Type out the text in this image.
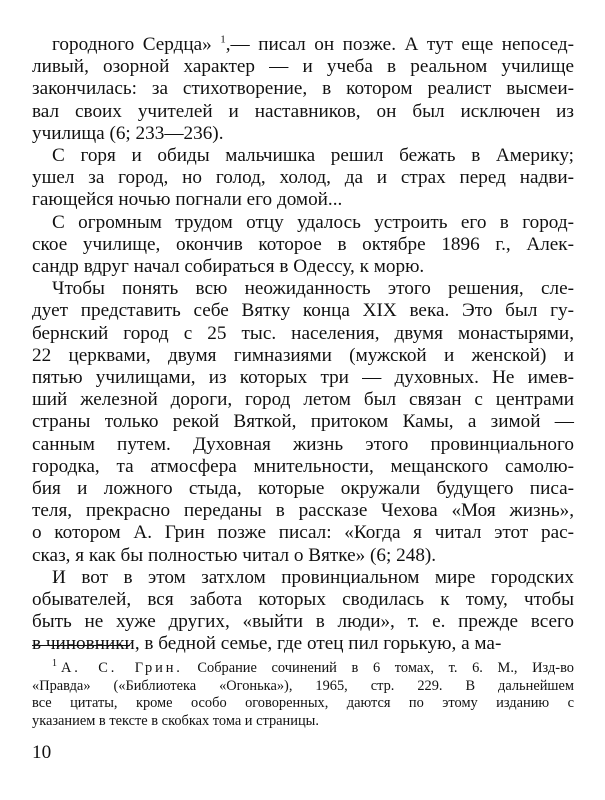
городного Сердца» $^1$,— писал он позже. А тут еще непосед-
ливый, озорной характер — и учеба в реальном училище
закончилась: за стихотворение, в котором реалист высмеи-
вал своих учителей и наставников, он был исключен из
училища (6; 233—236).
С горя и обиды мальчишка решил бежать в Америку;
ушел за город, но голод, холод, да и страх перед надви-
гающейся ночью погнали его домой...
С огромным трудом отцу удалось устроить его в город-
ское училище, окончив которое в октябре 1896 г., Алек-
сандр вдруг начал собираться в Одессу, к морю.
Чтобы понять всю неожиданность этого решения, сле-
дует представить себе Вятку конца XIX века. Это был гу-
бернский город с 25 тыс. населения, двумя монастырями,
22 церквами, двумя гимназиями (мужской и женской) и
пятью училищами, из которых три — духовных. Не имев-
ший железной дороги, город летом был связан с центрами
страны только рекой Вяткой, притоком Камы, а зимой —
санным путем. Духовная жизнь этого провинциального
городка, та атмосфера мнительности, мещанского самолю-
бия и ложного стыда, которые окружали будущего писа-
теля, прекрасно переданы в рассказе Чехова «Моя жизнь»,
о котором А. Грин позже писал: «Когда я читал этот рас-
сказ, я как бы полностью читал о Вятке» (6; 248).
И вот в этом затхлом провинциальном мире городских
обывателей, вся забота которых сводилась к тому, чтобы
быть не хуже других, «выйти в люди», т. е. прежде всего
в чиновники, в бедной семье, где отец пил горькую, а ма-
$^1$ А. С. Грин. Собрание сочинений в 6 томах, т. 6. М., Изд-во
«Правда» («Библиотека «Огонька»), 1965, стр. 229. В дальнейшем
все цитаты, кроме особо оговоренных, даются по этому изданию с
указанием в тексте в скобках тома и страницы.
10
